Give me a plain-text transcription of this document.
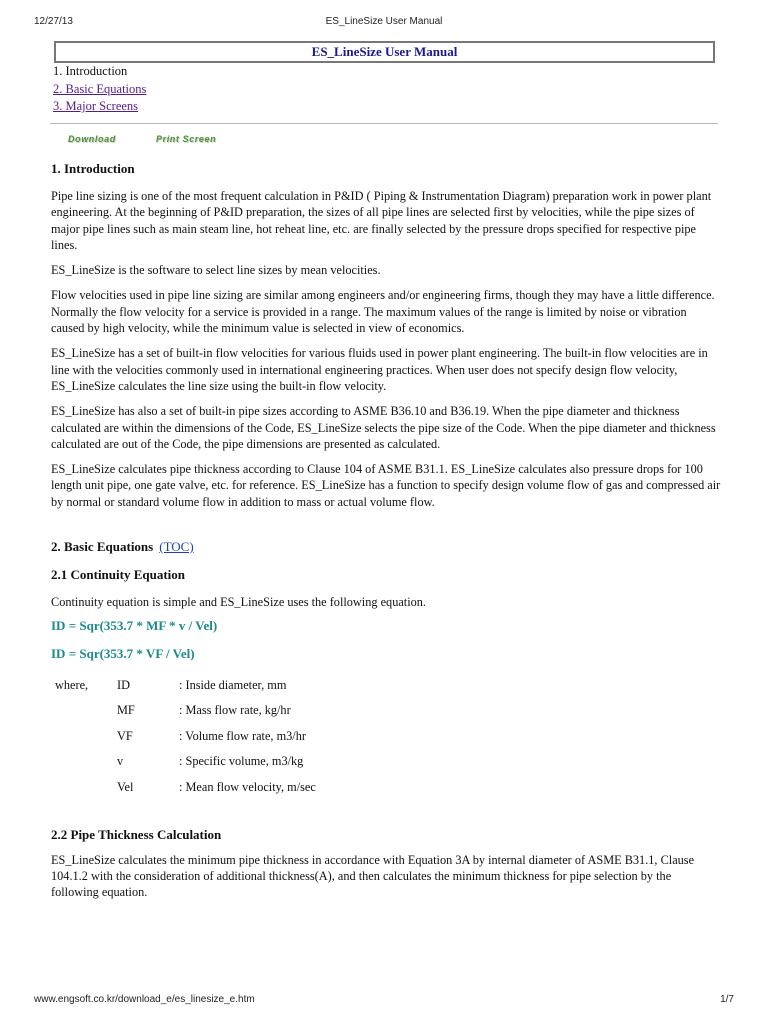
12/27/13	ES_LineSize User Manual
ES_LineSize User Manual
1. Introduction
2. Basic Equations
3. Major Screens
Download	Print Screen
1. Introduction

Pipe line sizing is one of the most frequent calculation in P&ID ( Piping & Instrumentation Diagram) preparation work in power plant engineering. At the beginning of P&ID preparation, the sizes of all pipe lines are selected first by velocities, while the pipe sizes of major pipe lines such as main steam line, hot reheat line, etc. are finally selected by the pressure drops specified for respective pipe lines.

ES_LineSize is the software to select line sizes by mean velocities.

Flow velocities used in pipe line sizing are similar among engineers and/or engineering firms, though they may have a little difference. Normally the flow velocity for a service is provided in a range. The maximum values of the range is limited by noise or vibration caused by high velocity, while the minimum value is selected in view of economics.

ES_LineSize has a set of built-in flow velocities for various fluids used in power plant engineering. The built-in flow velocities are in line with the velocities commonly used in international engineering practices. When user does not specify design flow velocity, ES_LineSize calculates the line size using the built-in flow velocity.

ES_LineSize has also a set of built-in pipe sizes according to ASME B36.10 and B36.19. When the pipe diameter and thickness calculated are within the dimensions of the Code, ES_LineSize selects the pipe size of the Code. When the pipe diameter and thickness calculated are out of the Code, the pipe dimensions are presented as calculated.

ES_LineSize calculates pipe thickness according to Clause 104 of ASME B31.1. ES_LineSize calculates also pressure drops for 100 length unit pipe, one gate valve, etc. for reference. ES_LineSize has a function to specify design volume flow of gas and compressed air by normal or standard volume flow in addition to mass or actual volume flow.

2. Basic Equations (TOC)
2.1 Continuity Equation

Continuity equation is simple and ES_LineSize uses the following equation.

ID = Sqr(353.7 * MF * v / Vel)

ID = Sqr(353.7 * VF / Vel)

where,	ID	: Inside diameter, mm
	MF	: Mass flow rate, kg/hr
	VF	: Volume flow rate, m3/hr
	v	: Specific volume, m3/kg
	Vel	: Mean flow velocity, m/sec
2.2 Pipe Thickness Calculation

ES_LineSize calculates the minimum pipe thickness in accordance with Equation 3A by internal diameter of ASME B31.1, Clause 104.1.2 with the consideration of additional thickness(A), and then calculates the minimum thickness for pipe selection by the following equation.

www.engsoft.co.kr/download_e/es_linesize_e.htm	1/7
